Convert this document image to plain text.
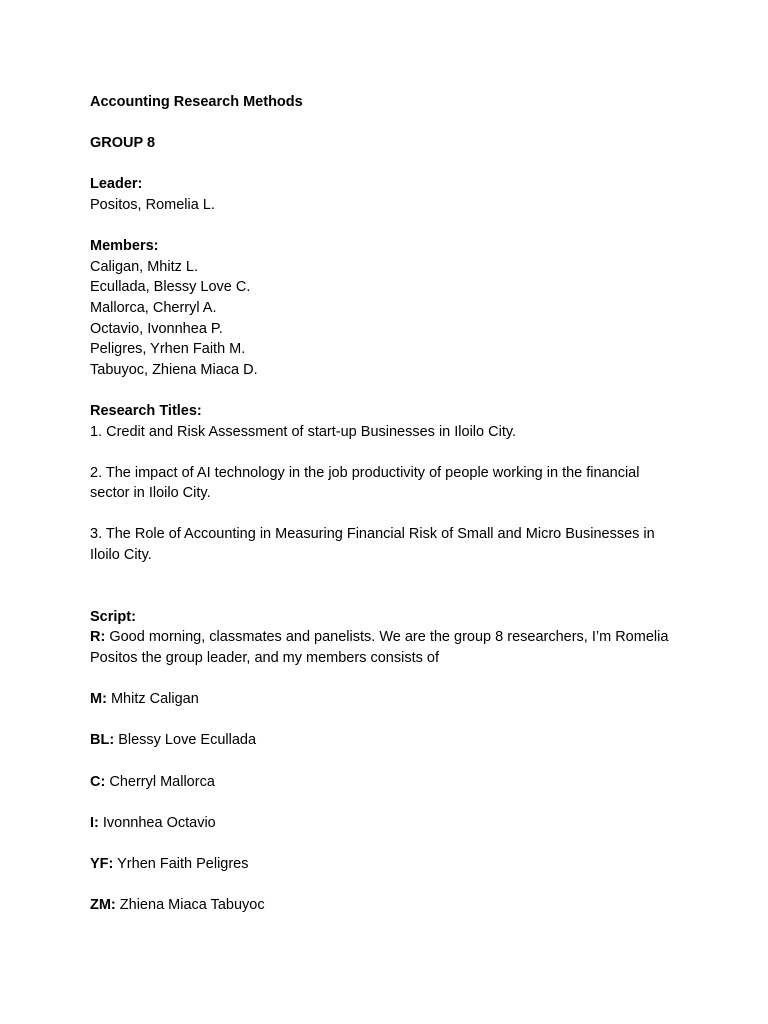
Accounting Research Methods
GROUP 8
Leader:
Positos, Romelia L.
Members:
Caligan, Mhitz L.
Ecullada, Blessy Love C.
Mallorca, Cherryl A.
Octavio, Ivonnhea P.
Peligres, Yrhen Faith M.
Tabuyoc, Zhiena Miaca D.
Research Titles:
1. Credit and Risk Assessment of start-up Businesses in Iloilo City.
2. The impact of AI technology in the job productivity of people working in the financial sector in Iloilo City.
3. The Role of Accounting in Measuring Financial Risk of Small and Micro Businesses in Iloilo City.
Script:
R: Good morning, classmates and panelists. We are the group 8 researchers, I’m Romelia Positos the group leader, and my members consists of
M: Mhitz Caligan
BL: Blessy Love Ecullada
C: Cherryl Mallorca
I: Ivonnhea Octavio
YF: Yrhen Faith Peligres
ZM: Zhiena Miaca Tabuyoc
